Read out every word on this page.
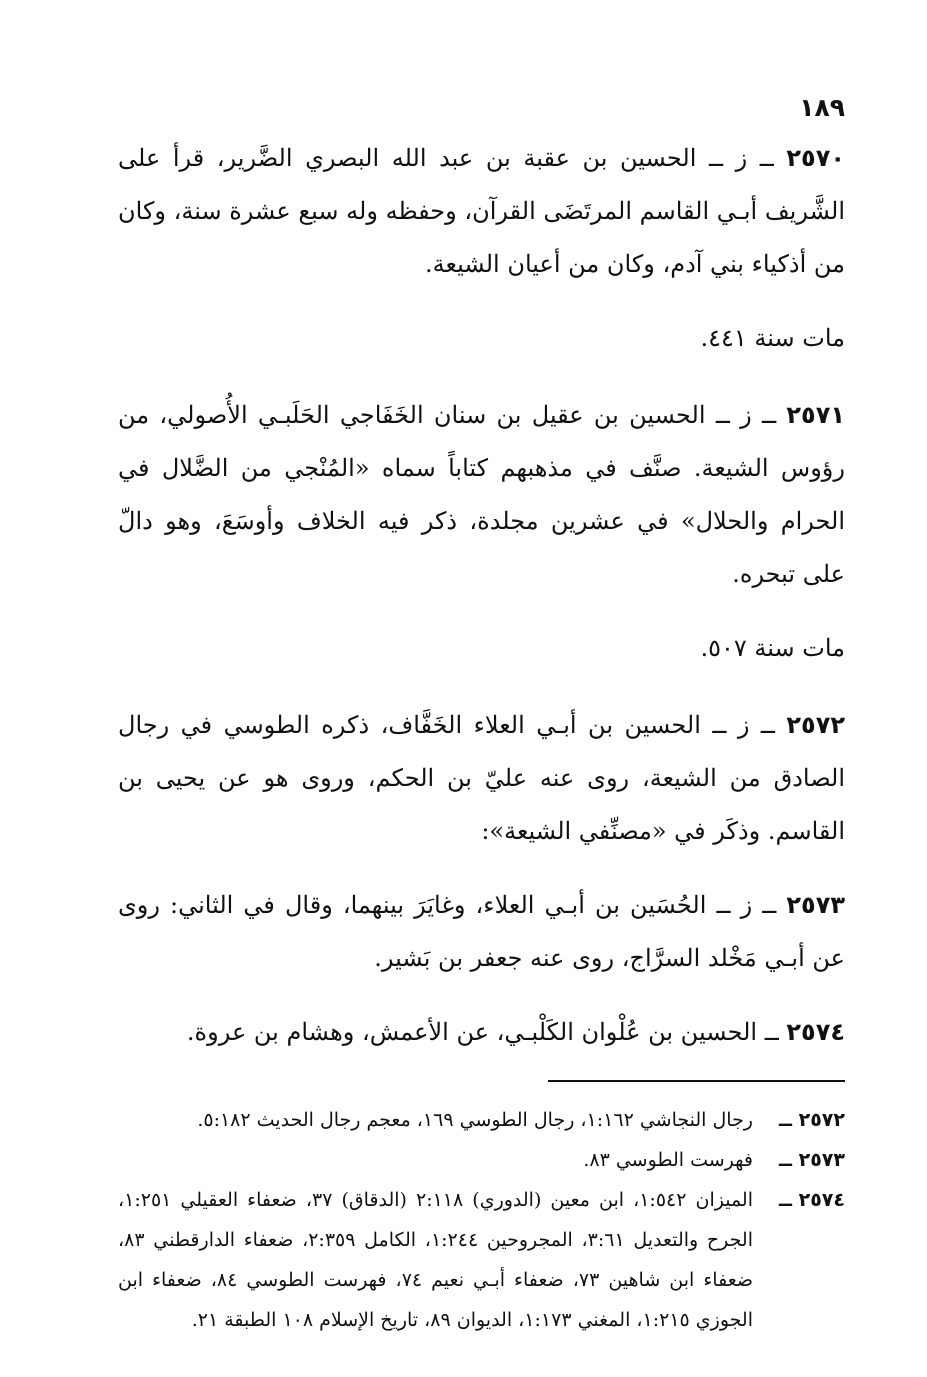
١٨٩

٢٥٧٠ ــ ز ــ الحسين بن عقبة بن عبد الله البصري الضَّرير، قرأ على الشَّريف أبـي القاسم المرتَضَى القرآن، وحفظه وله سبع عشرة سنة، وكان من أذكياء بني آدم، وكان من أعيان الشيعة.

مات سنة ٤٤١.

٢٥٧١ ــ ز ــ الحسين بن عقيل بن سنان الخَفَاجي الحَلَبـي الأُصولي، من رؤوس الشيعة. صنَّف في مذهبهم كتاباً سماه «المُنْجي من الضَّلال في الحرام والحلال» في عشرين مجلدة، ذكر فيه الخلاف وأوسَعَ، وهو دالّ على تبحره.

مات سنة ٥٠٧.

٢٥٧٢ ــ ز ــ الحسين بن أبـي العلاء الخَفَّاف، ذكره الطوسي في رجال الصادق من الشيعة، روى عنه عليّ بن الحكم، وروى هو عن يحيى بن القاسم. وذكَر في «مصنِّفي الشيعة»:

٢٥٧٣ ــ ز ــ الحُسَين بن أبـي العلاء، وغايَرَ بينهما، وقال في الثاني: روى عن أبـي مَخْلد السرَّاج، روى عنه جعفر بن بَشير.

٢٥٧٤ ــ الحسين بن عُلْوان الكَلْبـي، عن الأعمش، وهشام بن عروة.

٢٥٧٢ ــ
رجال النجاشي ١:١٦٢، رجال الطوسي ١٦٩، معجم رجال الحديث ٥:١٨٢.
٢٥٧٣ ــ
فهرست الطوسي ٨٣.
٢٥٧٤ ــ
الميزان ١:٥٤٢، ابن معين (الدوري) ٢:١١٨ (الدقاق) ٣٧، ضعفاء العقيلي ١:٢٥١، الجرح والتعديل ٣:٦١، المجروحين ١:٢٤٤، الكامل ٢:٣٥٩، ضعفاء الدارقطني ٨٣، ضعفاء ابن شاهين ٧٣، ضعفاء أبـي نعيم ٧٤، فهرست الطوسي ٨٤، ضعفاء ابن الجوزي ١:٢١٥، المغني ١:١٧٣، الديوان ٨٩، تاريخ الإسلام ١٠٨ الطبقة ٢١.
